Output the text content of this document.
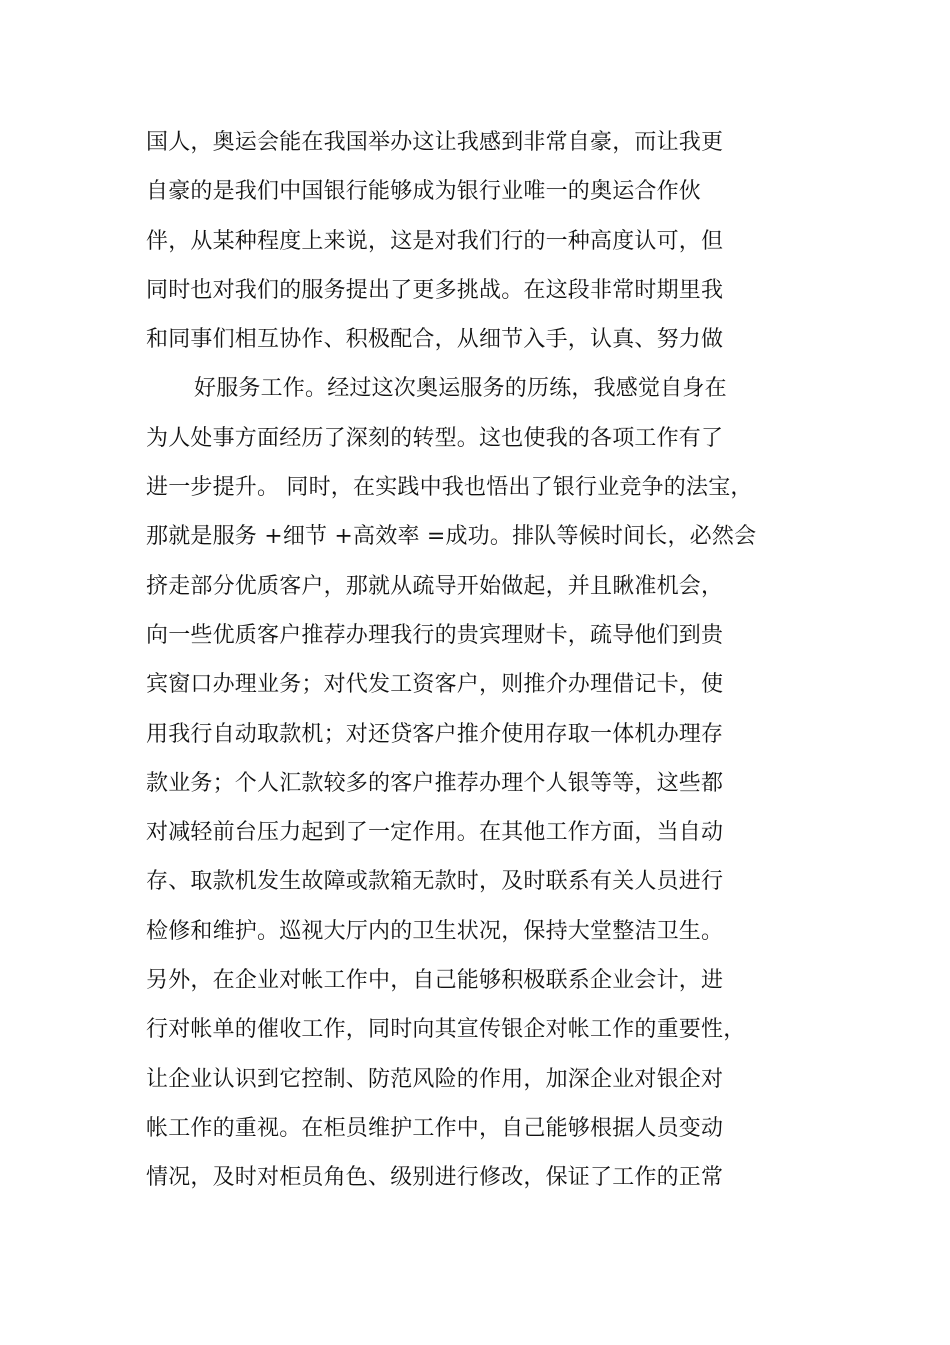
国人，奥运会能在我国举办这让我感到非常自豪，而让我更
自豪的是我们中国银行能够成为银行业唯一的奥运合作伙
伴，从某种程度上来说，这是对我们行的一种高度认可，但
同时也对我们的服务提出了更多挑战。在这段非常时期里我
和同事们相互协作、积极配合，从细节入手，认真、努力做
好服务工作。经过这次奥运服务的历练，我感觉自身在
为人处事方面经历了深刻的转型。这也使我的各项工作有了
进一步提升。 同时，在实践中我也悟出了银行业竞争的法宝，
那就是服务 +细节 +高效率 =成功。排队等候时间长，必然会
挤走部分优质客户，那就从疏导开始做起，并且瞅准机会，
向一些优质客户推荐办理我行的贵宾理财卡，疏导他们到贵
宾窗口办理业务；对代发工资客户，则推介办理借记卡，使
用我行自动取款机；对还贷客户推介使用存取一体机办理存
款业务；个人汇款较多的客户推荐办理个人银等等，这些都
对减轻前台压力起到了一定作用。在其他工作方面，当自动
存、取款机发生故障或款箱无款时，及时联系有关人员进行
检修和维护。巡视大厅内的卫生状况，保持大堂整洁卫生。
另外，在企业对帐工作中，自己能够积极联系企业会计，进
行对帐单的催收工作，同时向其宣传银企对帐工作的重要性，
让企业认识到它控制、防范风险的作用，加深企业对银企对
帐工作的重视。在柜员维护工作中，自己能够根据人员变动
情况，及时对柜员角色、级别进行修改，保证了工作的正常
